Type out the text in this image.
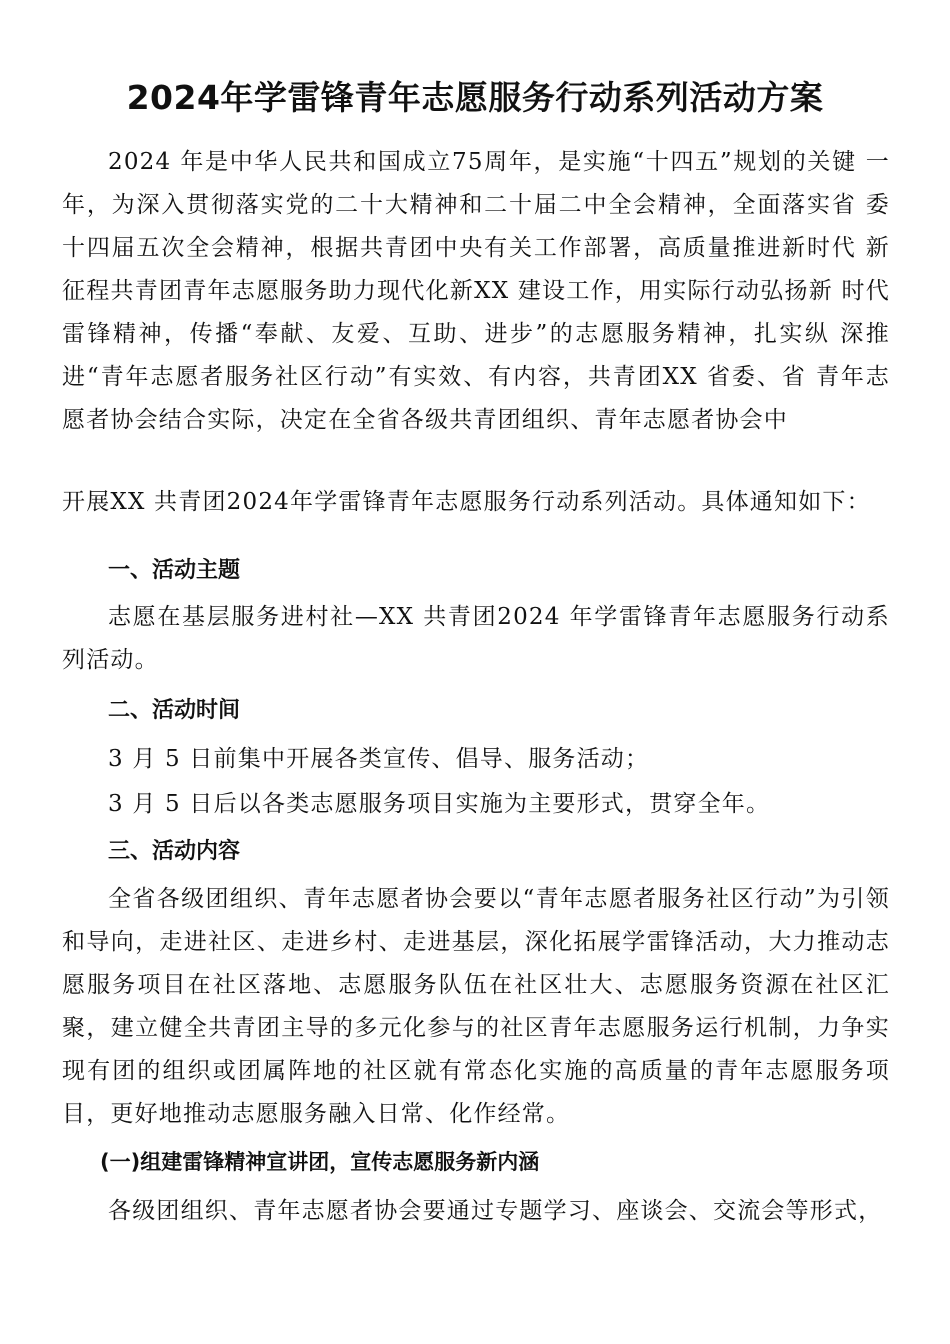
2024年学雷锋青年志愿服务行动系列活动方案

2024 年是中华人民共和国成立75周年，是实施“十四五”规划的关键 一年，为深入贯彻落实党的二十大精神和二十届二中全会精神，全面落实省 委十四届五次全会精神，根据共青团中央有关工作部署，高质量推进新时代 新征程共青团青年志愿服务助力现代化新XX 建设工作，用实际行动弘扬新 时代雷锋精神，传播“奉献、友爱、互助、进步”的志愿服务精神，扎实纵 深推进“青年志愿者服务社区行动”有实效、有内容，共青团XX 省委、省 青年志愿者协会结合实际，决定在全省各级共青团组织、青年志愿者协会中

开展XX 共青团2024年学雷锋青年志愿服务行动系列活动。具体通知如下：

一、活动主题

志愿在基层服务进村社—XX 共青团2024 年学雷锋青年志愿服务行动系列活动。

二、活动时间

3 月 5 日前集中开展各类宣传、倡导、服务活动；

3 月 5 日后以各类志愿服务项目实施为主要形式，贯穿全年。

三、活动内容

全省各级团组织、青年志愿者协会要以“青年志愿者服务社区行动”为引领和导向，走进社区、走进乡村、走进基层，深化拓展学雷锋活动，大力推动志愿服务项目在社区落地、志愿服务队伍在社区壮大、志愿服务资源在社区汇聚，建立健全共青团主导的多元化参与的社区青年志愿服务运行机制，力争实现有团的组织或团属阵地的社区就有常态化实施的高质量的青年志愿服务项目，更好地推动志愿服务融入日常、化作经常。

(一)组建雷锋精神宣讲团，宣传志愿服务新内涵

各级团组织、青年志愿者协会要通过专题学习、座谈会、交流会等形式，
